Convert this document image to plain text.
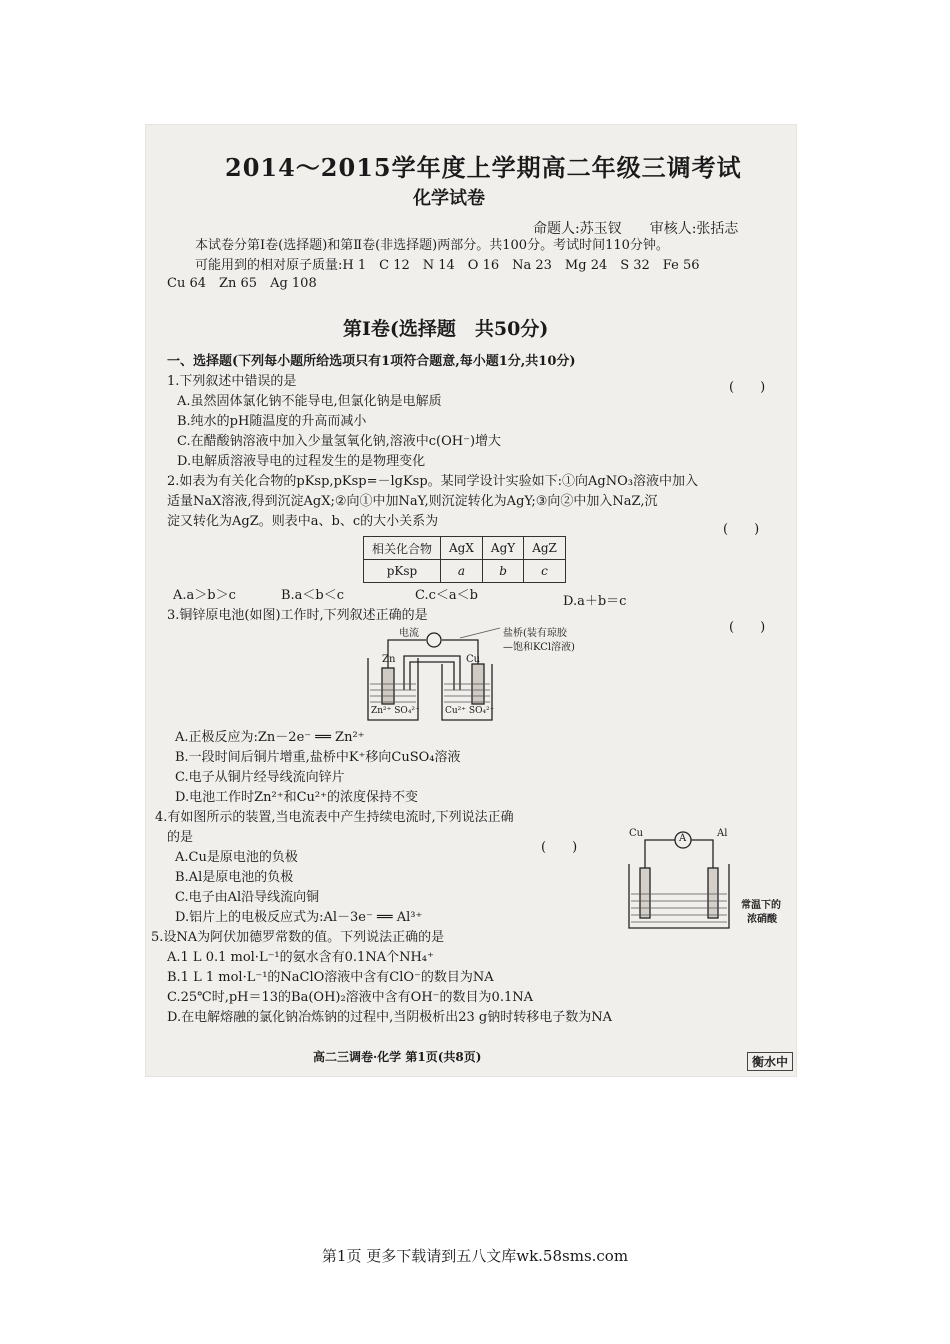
2014～2015学年度上学期高二年级三调考试
化学试卷
命题人:苏玉钗　　审核人:张括志
本试卷分第Ⅰ卷(选择题)和第Ⅱ卷(非选择题)两部分。共100分。考试时间110分钟。
可能用到的相对原子质量:H 1　C 12　N 14　O 16　Na 23　Mg 24　S 32　Fe 56
Cu 64　Zn 65　Ag 108
第Ⅰ卷(选择题　共50分)
一、选择题(下列每小题所给选项只有1项符合题意,每小题1分,共10分)
1.下列叙述中错误的是	(　　)
A.虽然固体氯化钠不能导电,但氯化钠是电解质
B.纯水的pH随温度的升高而减小
C.在醋酸钠溶液中加入少量氢氧化钠,溶液中c(OH⁻)增大
D.电解质溶液导电的过程发生的是物理变化
2.如表为有关化合物的pKsp,pKsp=－lgKsp。某同学设计实验如下:①向AgNO₃溶液中加入
适量NaX溶液,得到沉淀AgX;②向①中加NaY,则沉淀转化为AgY;③向②中加入NaZ,沉
淀又转化为AgZ。则表中a、b、c的大小关系为
(　　)
相关化合物	AgX	AgY	AgZ
pKsp	a	b	c
A.a＞b＞c	B.a＜b＜c	C.c＜a＜b	D.a＋b＝c
3.铜锌原电池(如图)工作时,下列叙述正确的是
(　　)
电流	盐桥(装有琼胶
—饱和KCl溶液)
Zn	Cu
Zn²⁺ SO₄²⁻	Cu²⁺ SO₄²⁻
A.正极反应为:Zn－2e⁻ ══ Zn²⁺
B.一段时间后铜片增重,盐桥中K⁺移向CuSO₄溶液
C.电子从铜片经导线流向锌片
D.电池工作时Zn²⁺和Cu²⁺的浓度保持不变
4.有如图所示的装置,当电流表中产生持续电流时,下列说法正确
的是
(　　)
A
Cu	Al
常温下的
浓硝酸
A.Cu是原电池的负极
B.Al是原电池的负极
C.电子由Al沿导线流向铜
D.铝片上的电极反应式为:Al－3e⁻ ══ Al³⁺
5.设NA为阿伏加德罗常数的值。下列说法正确的是
A.1 L 0.1 mol·L⁻¹的氨水含有0.1NA个NH₄⁺
B.1 L 1 mol·L⁻¹的NaClO溶液中含有ClO⁻的数目为NA
C.25℃时,pH＝13的Ba(OH)₂溶液中含有OH⁻的数目为0.1NA
D.在电解熔融的氯化钠冶炼钠的过程中,当阴极析出23 g钠时转移电子数为NA
高二三调卷·化学 第1页(共8页)	衡水中
第1页 更多下载请到五八文库wk.58sms.com
